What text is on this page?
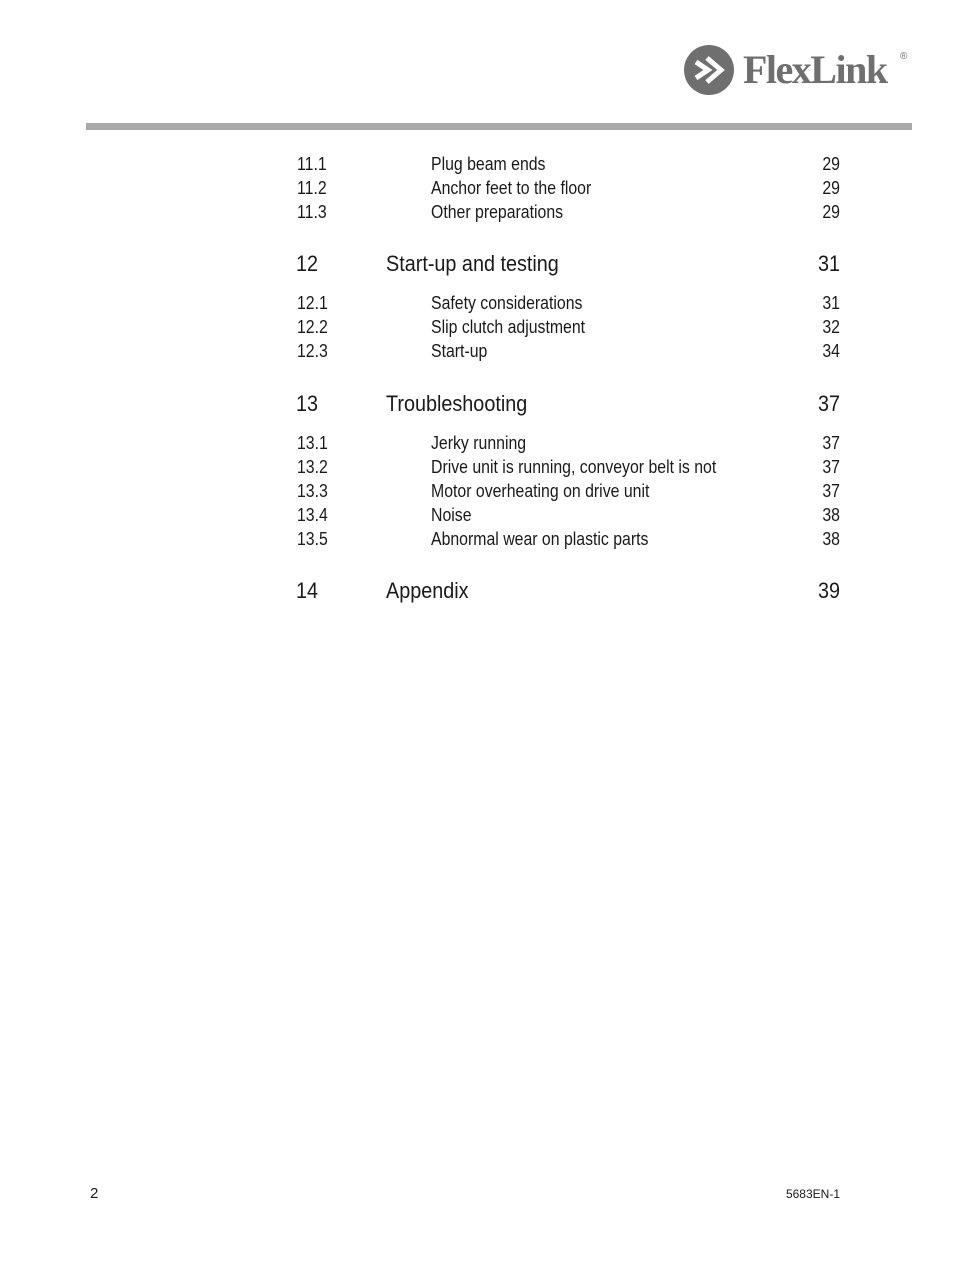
FlexLink ®
11.1	Plug beam ends	29
11.2	Anchor feet to the floor	29
11.3	Other preparations	29
12	Start-up and testing	31
12.1	Safety considerations	31
12.2	Slip clutch adjustment	32
12.3	Start-up	34
13	Troubleshooting	37
13.1	Jerky running	37
13.2	Drive unit is running, conveyor belt is not	37
13.3	Motor overheating on drive unit	37
13.4	Noise	38
13.5	Abnormal wear on plastic parts	38
14	Appendix	39
2	5683EN-1
